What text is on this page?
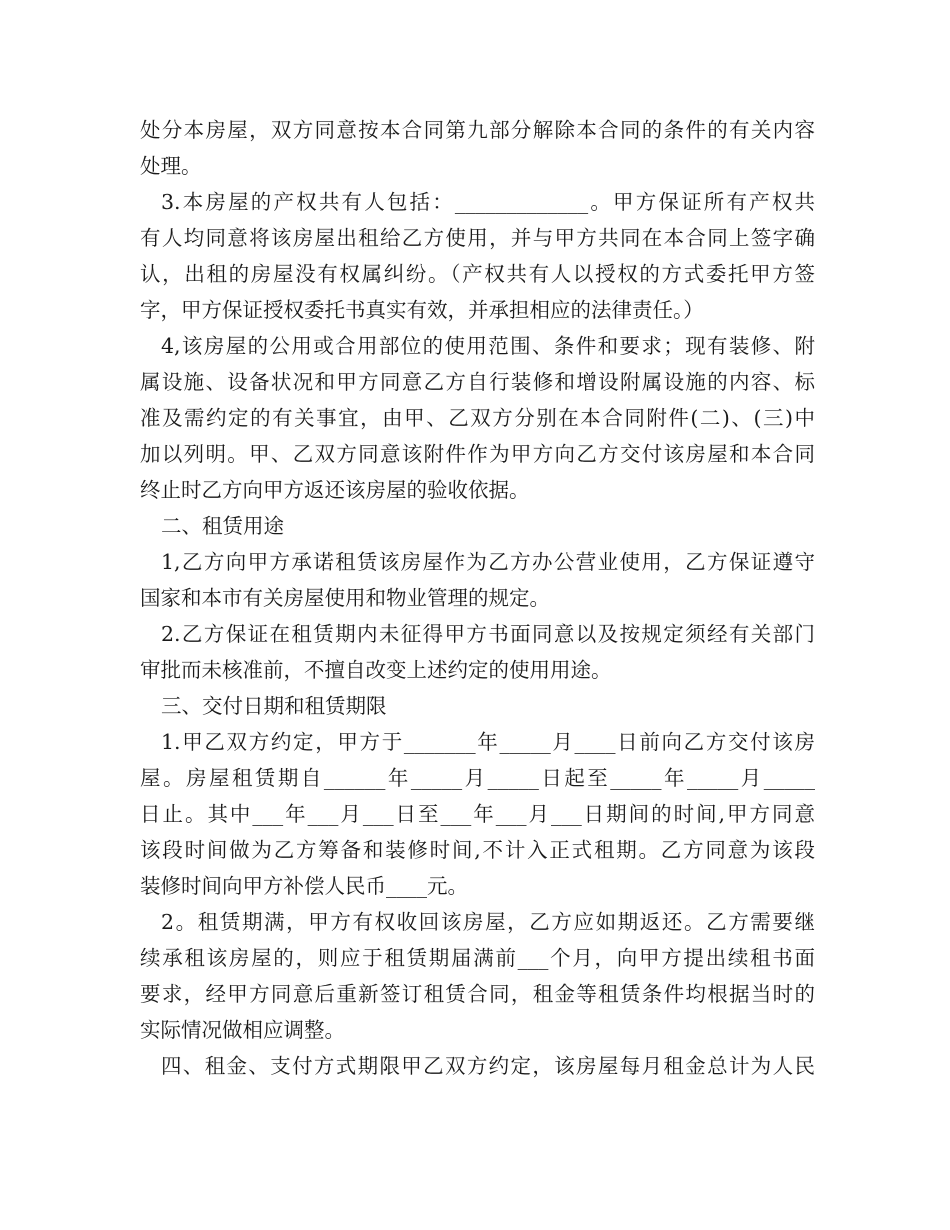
处分本房屋，双方同意按本合同第九部分解除本合同的条件的有关内容
处理。
3.本房屋的产权共有人包括：_____________。甲方保证所有产权共
有人均同意将该房屋出租给乙方使用，并与甲方共同在本合同上签字确
认，出租的房屋没有权属纠纷。（产权共有人以授权的方式委托甲方签
字，甲方保证授权委托书真实有效，并承担相应的法律责任。）
4,该房屋的公用或合用部位的使用范围、条件和要求；现有装修、附
属设施、设备状况和甲方同意乙方自行装修和增设附属设施的内容、标
准及需约定的有关事宜，由甲、乙双方分别在本合同附件(二)、(三)中
加以列明。甲、乙双方同意该附件作为甲方向乙方交付该房屋和本合同
终止时乙方向甲方返还该房屋的验收依据。
二、租赁用途
1,乙方向甲方承诺租赁该房屋作为乙方办公营业使用，乙方保证遵守
国家和本市有关房屋使用和物业管理的规定。
2.乙方保证在租赁期内未征得甲方书面同意以及按规定须经有关部门
审批而未核准前，不擅自改变上述约定的使用用途。
三、交付日期和租赁期限
1.甲乙双方约定，甲方于_______年_____月____日前向乙方交付该房
屋。房屋租赁期自______年_____月_____日起至_____年_____月_____
日止。其中___年___月___日至___年___月___日期间的时间,甲方同意
该段时间做为乙方筹备和装修时间,不计入正式租期。乙方同意为该段
装修时间向甲方补偿人民币____元。
2。租赁期满，甲方有权收回该房屋，乙方应如期返还。乙方需要继
续承租该房屋的，则应于租赁期届满前___个月，向甲方提出续租书面
要求，经甲方同意后重新签订租赁合同，租金等租赁条件均根据当时的
实际情况做相应调整。
四、租金、支付方式期限甲乙双方约定，该房屋每月租金总计为人民
